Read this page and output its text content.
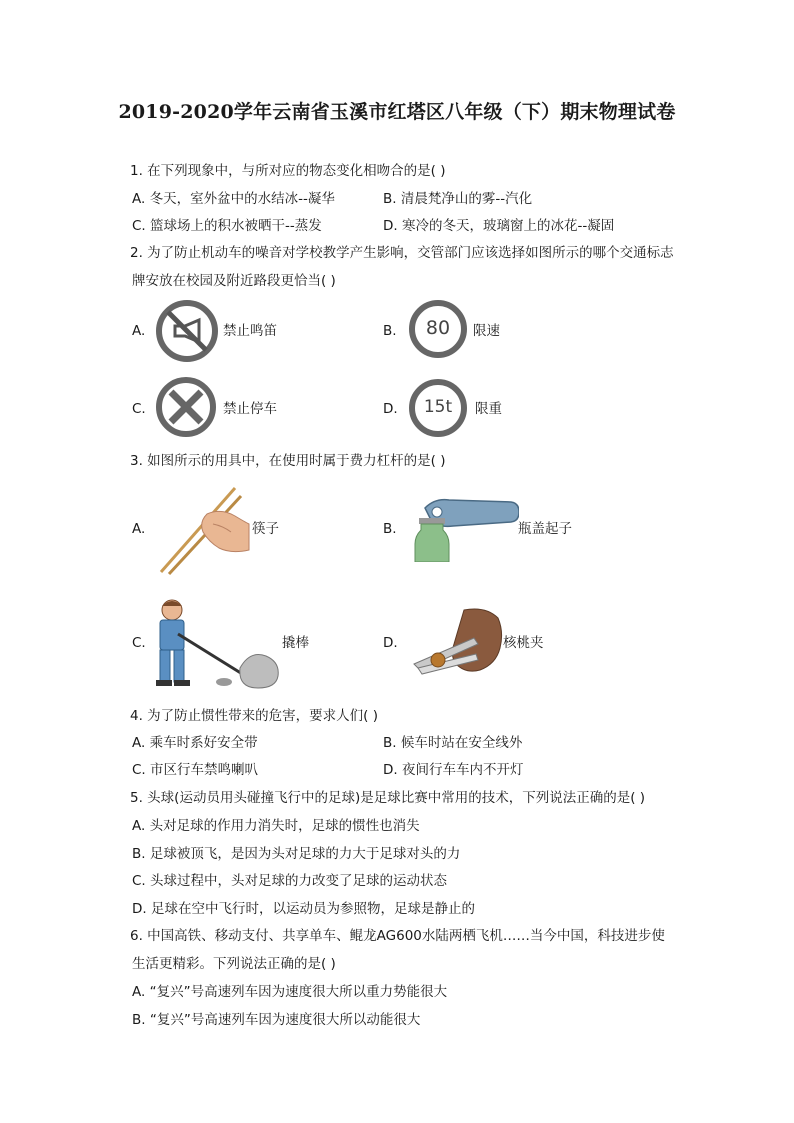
2019-2020学年云南省玉溪市红塔区八年级（下）期末物理试卷
1. 在下列现象中，与所对应的物态变化相吻合的是( )
A. 冬天，室外盆中的水结冰--凝华	B. 清晨梵净山的雾--汽化
C. 篮球场上的积水被晒干--蒸发	D. 寒冷的冬天，玻璃窗上的冰花--凝固
2. 为了防止机动车的噪音对学校教学产生影响，交管部门应该选择如图所示的哪个交通标志
牌安放在校园及附近路段更恰当( )
A.	禁止鸣笛	B.	80	限速
C.	禁止停车	D.	15t	限重
3. 如图所示的用具中，在使用时属于费力杠杆的是( )
A.	筷子	B.	瓶盖起子
C.	撬棒	D.	核桃夹
4. 为了防止惯性带来的危害，要求人们( )
A. 乘车时系好安全带	B. 候车时站在安全线外
C. 市区行车禁鸣喇叭	D. 夜间行车车内不开灯
5. 头球(运动员用头碰撞飞行中的足球)是足球比赛中常用的技术，下列说法正确的是( )
A. 头对足球的作用力消失时，足球的惯性也消失
B. 足球被顶飞，是因为头对足球的力大于足球对头的力
C. 头球过程中，头对足球的力改变了足球的运动状态
D. 足球在空中飞行时，以运动员为参照物，足球是静止的
6. 中国高铁、移动支付、共享单车、鲲龙AG600水陆两栖飞机……当今中国，科技进步使
生活更精彩。下列说法正确的是( )
A. “复兴”号高速列车因为速度很大所以重力势能很大
B. “复兴”号高速列车因为速度很大所以动能很大
